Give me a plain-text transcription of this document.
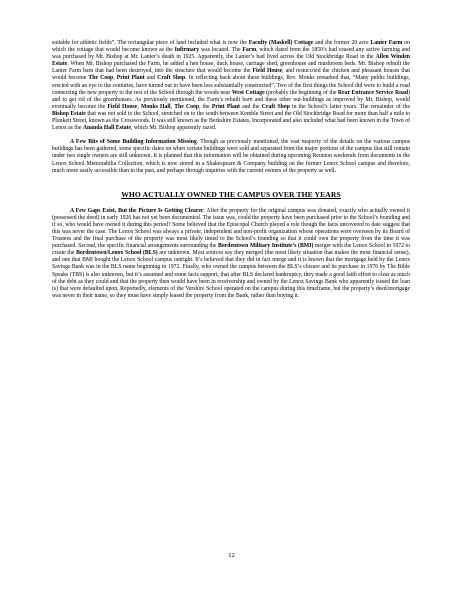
suitable for athletic fields”. The rectangular piece of land included what is now the Faculty (Maskell) Cottage and the former 20 acre Lanier Farm on which the cottage that would become known as the Infirmary was located. The Farm, which dated from the 1850’s had ceased any active farming and was purchased by Mr. Bishop at Mr. Lanier’s death in 1925. Apparently, the Lanier’s had lived across the Old Stockbridge Road in the Allen Winden Estate. When Mr. Bishop purchased the Farm, he added a hen house, duck house, carriage shed, greenhouse and mushroom beds. Mr. Bishop rebuilt the Lanier Farm barn that had been destroyed, into the structure that would become the Field House, and restuccoed the chicken and pheasant houses that would become The Coop, Print Plant and Craft Shop. In reflecting back about these buildings, Rev. Monks remarked that, “Many public buildings, erected with an eye to the centuries, have turned out to have been less substantially constructed”. Two of the first things the School did were to build a road connecting the new property to the rest of the School through the woods near West Cottage (probably the beginning of the Rear Entrance Service Road) and to get rid of the greenhouses. As previously mentioned, the Farm’s rebuilt barn and these other out-buildings as improved by Mr. Bishop, would eventually become the Field House, Monks Hall, The Coop, the Print Plant and the Craft Shop in the School’s latter years. The remainder of the Bishop Estate that was not sold to the School, stretched on to the south between Kemble Street and the Old Stockbridge Road for more than half a mile to Plunkett Street, known as the Crosswoods. It was still known as the Berkshire Estates, Incorporated and also included what had been known in the Town of Lenox as the Ananda Hall Estate, which Mr. Bishop apparently razed.

A Few Bits of Some Building Information Missing. Though as previously mentioned, the vast majority of the details on the various campus buildings has been gathered, some specific dates on when certain buildings were sold and separated from the major portions of the campus that still remain under two single owners are still unknown. It is planned that this information will be obtained during upcoming Reunion weekends from documents in the Lenox School Memorabilia Collection, which is now stored in a Shakespeare & Company building on the former Lenox School campus and therefore, much more easily accessible than in the past, and perhaps through inquiries with the current owners of the property as well.

WHO ACTUALLY OWNED THE CAMPUS OVER THE YEARS

A Few Gaps Exist, But the Picture Is Getting Clearer. After the property for the original campus was donated, exactly who actually owned it (possessed the deed) in early 1926 has not yet been documented. The issue was, could the property have been purchased prior to the School’s founding and if so, who would have owned it during this period? Some believed that the Episcopal Church played a role though the facts uncovered to date suggest that this was never the case. The Lenox School was always a private, independent and non-profit organization whose operations were overseen by its Board of Trustees and the final purchase of the property was most likely timed to the School’s founding so that it could own the property from the time it was purchased. Second, the specific financial arrangements surrounding the Bordentown Military Institute’s (BMI) merger with the Lenox School in 1972 to create the Bordentown/Lenox School (BLS) are unknown. Most sources say they merged (the most likely situation that makes the most financial sense), and one that BMI bought the Lenox School campus outright. It’s believed that they did in fact merge and it is known that the mortgage held by the Lenox Savings Bank was in the BLS name beginning in 1972. Finally, who owned the campus between the BLS’s closure and its purchase in 1976 by The Bible Speaks (TBS) is also unknown, but it’s assumed and some facts support, that after BLS declared bankruptcy, they made a good faith effort to clear as much of the debt as they could and that the property then would have been in receivership and owned by the Lenox Savings Bank who apparently issued the loan (s) that were defaulted upon. Reportedly, elements of the Vershire School operated on the campus during this timeframe, but the property’s deed/mortgage was never in their name, so they must have simply leased the property from the Bank, rather than buying it.

12
